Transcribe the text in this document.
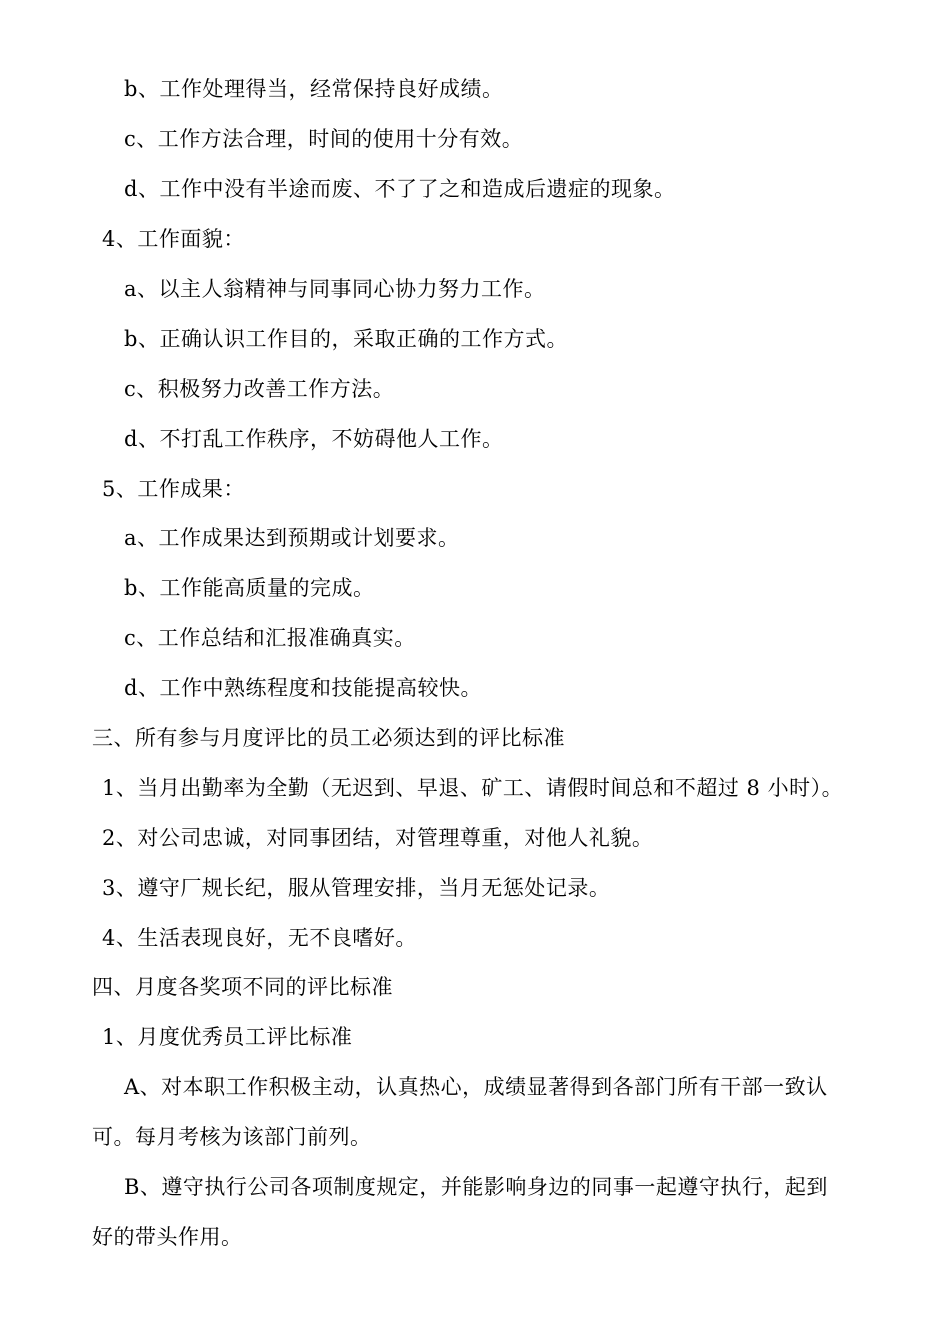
b、工作处理得当，经常保持良好成绩。
c、工作方法合理，时间的使用十分有效。
d、工作中没有半途而废、不了了之和造成后遗症的现象。
4、工作面貌：
a、以主人翁精神与同事同心协力努力工作。
b、正确认识工作目的，采取正确的工作方式。
c、积极努力改善工作方法。
d、不打乱工作秩序，不妨碍他人工作。
5、工作成果：
a、工作成果达到预期或计划要求。
b、工作能高质量的完成。
c、工作总结和汇报准确真实。
d、工作中熟练程度和技能提高较快。
三、所有参与月度评比的员工必须达到的评比标准
1、当月出勤率为全勤（无迟到、早退、矿工、请假时间总和不超过 8 小时）。
2、对公司忠诚，对同事团结，对管理尊重，对他人礼貌。
3、遵守厂规长纪，服从管理安排，当月无惩处记录。
4、生活表现良好，无不良嗜好。
四、月度各奖项不同的评比标准
1、月度优秀员工评比标准
A、对本职工作积极主动，认真热心，成绩显著得到各部门所有干部一致认
可。每月考核为该部门前列。
B、遵守执行公司各项制度规定，并能影响身边的同事一起遵守执行，起到
好的带头作用。
